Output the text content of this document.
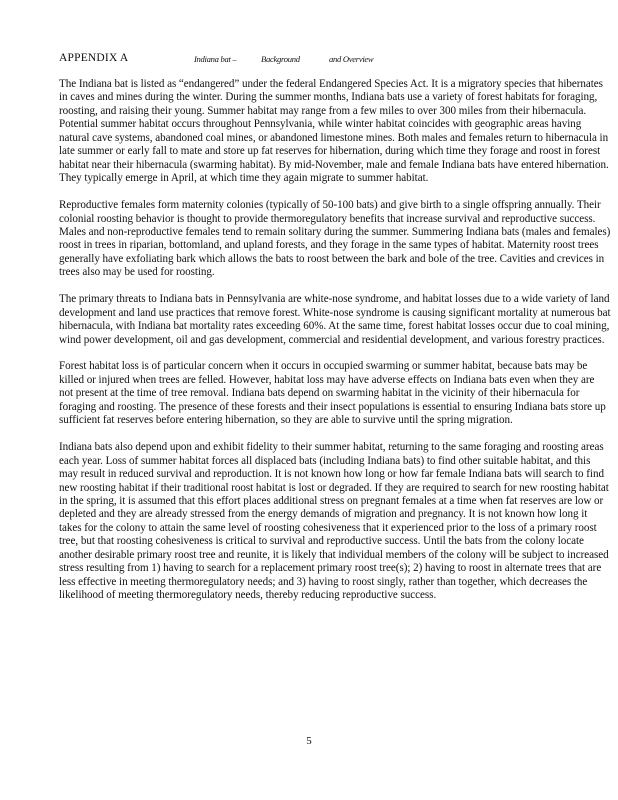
APPENDIX A	Indiana bat –	Background	and Overview

The Indiana bat is listed as “endangered” under the federal Endangered Species Act. It is a migratory species that hibernates in caves and mines during the winter. During the summer months, Indiana bats use a variety of forest habitats for foraging, roosting, and raising their young. Summer habitat may range from a few miles to over 300 miles from their hibernacula. Potential summer habitat occurs throughout Pennsylvania, while winter habitat coincides with geographic areas having natural cave systems, abandoned coal mines, or abandoned limestone mines. Both males and females return to hibernacula in late summer or early fall to mate and store up fat reserves for hibernation, during which time they forage and roost in forest habitat near their hibernacula (swarming habitat). By mid-November, male and female Indiana bats have entered hibernation. They typically emerge in April, at which time they again migrate to summer habitat.

Reproductive females form maternity colonies (typically of 50-100 bats) and give birth to a single offspring annually. Their colonial roosting behavior is thought to provide thermoregulatory benefits that increase survival and reproductive success. Males and non-reproductive females tend to remain solitary during the summer. Summering Indiana bats (males and females) roost in trees in riparian, bottomland, and upland forests, and they forage in the same types of habitat. Maternity roost trees generally have exfoliating bark which allows the bats to roost between the bark and bole of the tree. Cavities and crevices in trees also may be used for roosting.

The primary threats to Indiana bats in Pennsylvania are white-nose syndrome, and habitat losses due to a wide variety of land development and land use practices that remove forest. White-nose syndrome is causing significant mortality at numerous bat hibernacula, with Indiana bat mortality rates exceeding 60%. At the same time, forest habitat losses occur due to coal mining, wind power development, oil and gas development, commercial and residential development, and various forestry practices.

Forest habitat loss is of particular concern when it occurs in occupied swarming or summer habitat, because bats may be killed or injured when trees are felled. However, habitat loss may have adverse effects on Indiana bats even when they are not present at the time of tree removal. Indiana bats depend on swarming habitat in the vicinity of their hibernacula for foraging and roosting. The presence of these forests and their insect populations is essential to ensuring Indiana bats store up sufficient fat reserves before entering hibernation, so they are able to survive until the spring migration.

Indiana bats also depend upon and exhibit fidelity to their summer habitat, returning to the same foraging and roosting areas each year. Loss of summer habitat forces all displaced bats (including Indiana bats) to find other suitable habitat, and this may result in reduced survival and reproduction. It is not known how long or how far female Indiana bats will search to find new roosting habitat if their traditional roost habitat is lost or degraded. If they are required to search for new roosting habitat in the spring, it is assumed that this effort places additional stress on pregnant females at a time when fat reserves are low or depleted and they are already stressed from the energy demands of migration and pregnancy. It is not known how long it takes for the colony to attain the same level of roosting cohesiveness that it experienced prior to the loss of a primary roost tree, but that roosting cohesiveness is critical to survival and reproductive success. Until the bats from the colony locate another desirable primary roost tree and reunite, it is likely that individual members of the colony will be subject to increased stress resulting from 1) having to search for a replacement primary roost tree(s); 2) having to roost in alternate trees that are less effective in meeting thermoregulatory needs; and 3) having to roost singly, rather than together, which decreases the likelihood of meeting thermoregulatory needs, thereby reducing reproductive success.

5
